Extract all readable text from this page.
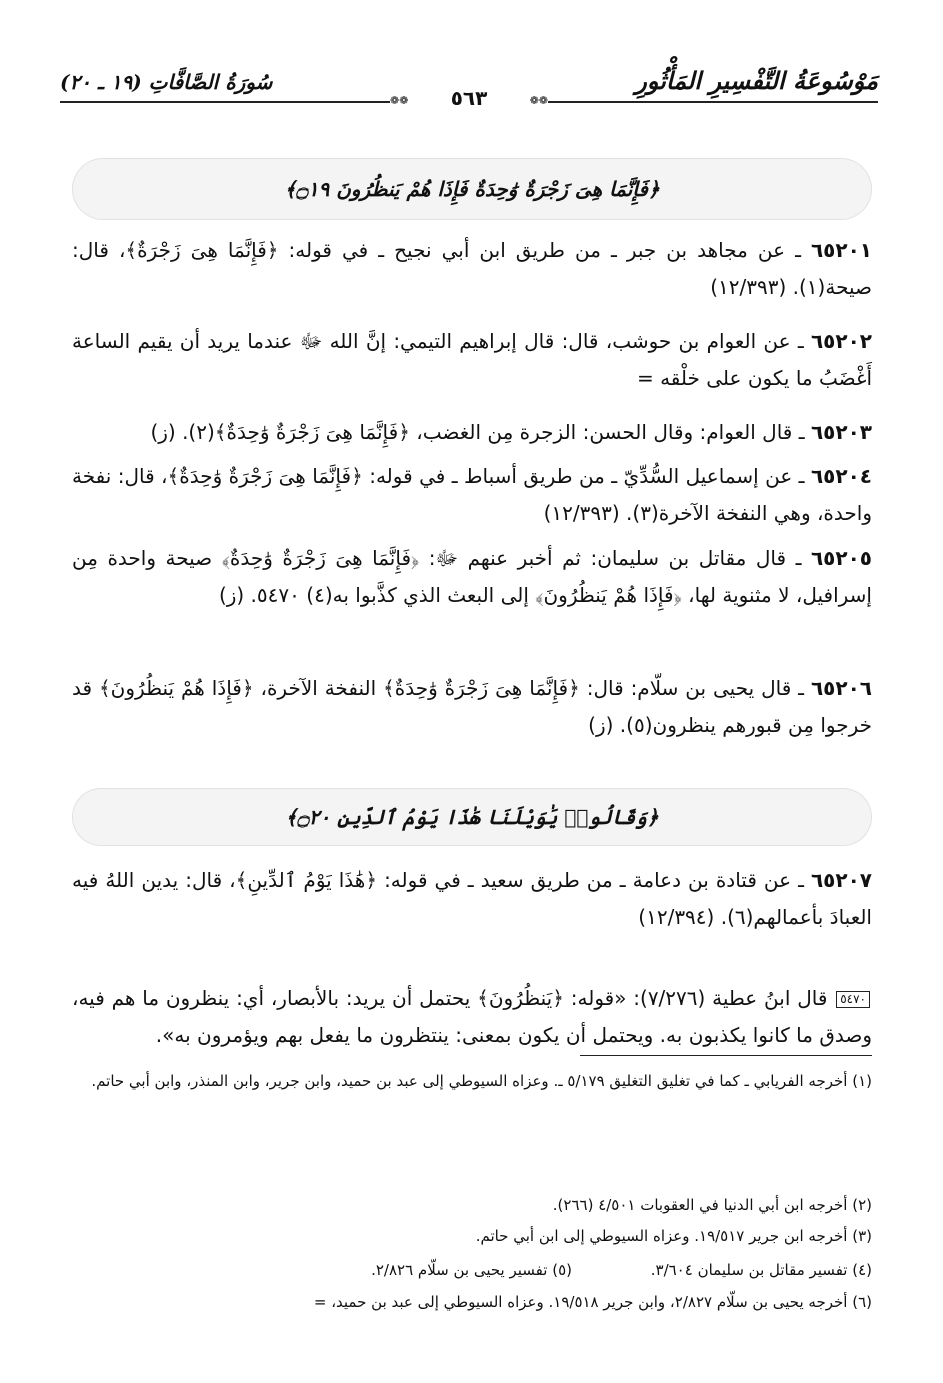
مَوْسُوعَةُ التَّفْسِيرِ المَأْثُورِ
سُورَةُ الصَّافَّاتِ (١٩ ـ ٢٠)
❁❁
٥٦٣
❁❁
﴿فَإِنَّمَا هِىَ زَجْرَةٌ وَٰحِدَةٌ فَإِذَا هُمْ يَنظُرُونَ ۝١٩﴾

٦٥٢٠١ ـ عن مجاهد بن جبر ـ من طريق ابن أبي نجيح ـ في قوله: ﴿فَإِنَّمَا هِىَ زَجْرَةٌ﴾، قال: صيحة(١). (١٢/٣٩٣)

٦٥٢٠٢ ـ عن العوام بن حوشب، قال: قال إبراهيم التيمي: إنَّ الله ﷻ عندما يريد أن يقيم الساعة أَغْضَبُ ما يكون على خلْقه =

٦٥٢٠٣ ـ قال العوام: وقال الحسن: الزجرة مِن الغضب، ﴿فَإِنَّمَا هِىَ زَجْرَةٌ وَٰحِدَةٌ﴾(٢). (ز)

٦٥٢٠٤ ـ عن إسماعيل السُّدِّيّ ـ من طريق أسباط ـ في قوله: ﴿فَإِنَّمَا هِىَ زَجْرَةٌ وَٰحِدَةٌ﴾، قال: نفخة واحدة، وهي النفخة الآخرة(٣). (١٢/٣٩٣)

٦٥٢٠٥ ـ قال مقاتل بن سليمان: ثم أخبر عنهم ﷻ: ﴿فَإِنَّمَا هِىَ زَجْرَةٌ وَٰحِدَةٌ﴾ صيحة واحدة مِن إسرافيل، لا مثنوية لها، ﴿فَإِذَا هُمْ يَنظُرُونَ﴾ إلى البعث الذي كذَّبوا به(٤) ٥٤٧٠. (ز)

٦٥٢٠٦ ـ قال يحيى بن سلّام: قال: ﴿فَإِنَّمَا هِىَ زَجْرَةٌ وَٰحِدَةٌ﴾ النفخة الآخرة، ﴿فَإِذَا هُمْ يَنظُرُونَ﴾ قد خرجوا مِن قبورهم ينظرون(٥). (ز)

﴿وَقَالُوا۟ يَٰوَيْلَنَا هَٰذَا يَوْمُ ٱلدِّينِ ۝٢٠﴾

٦٥٢٠٧ ـ عن قتادة بن دعامة ـ من طريق سعيد ـ في قوله: ﴿هَٰذَا يَوْمُ ٱلدِّينِ﴾، قال: يدين اللهُ فيه العبادَ بأعمالهم(٦). (١٢/٣٩٤)

٥٤٧٠ قال ابنُ عطية (٧/٢٧٦): «قوله: ﴿يَنظُرُونَ﴾ يحتمل أن يريد: بالأبصار، أي: ينظرون ما هم فيه، وصدق ما كانوا يكذبون به. ويحتمل أن يكون بمعنى: ينتظرون ما يفعل بهم ويؤمرون به».

(١) أخرجه الفريابي ـ كما في تغليق التغليق ٥/١٧٩ ـ. وعزاه السيوطي إلى عبد بن حميد، وابن جرير، وابن المنذر، وابن أبي حاتم.

(٢) أخرجه ابن أبي الدنيا في العقوبات ٤/٥٠١ (٢٦٦).

(٣) أخرجه ابن جرير ١٩/٥١٧. وعزاه السيوطي إلى ابن أبي حاتم.

(٤) تفسير مقاتل بن سليمان ٣/٦٠٤.
(٥) تفسير يحيى بن سلّام ٢/٨٢٦.

(٦) أخرجه يحيى بن سلّام ٢/٨٢٧، وابن جرير ١٩/٥١٨. وعزاه السيوطي إلى عبد بن حميد، =
